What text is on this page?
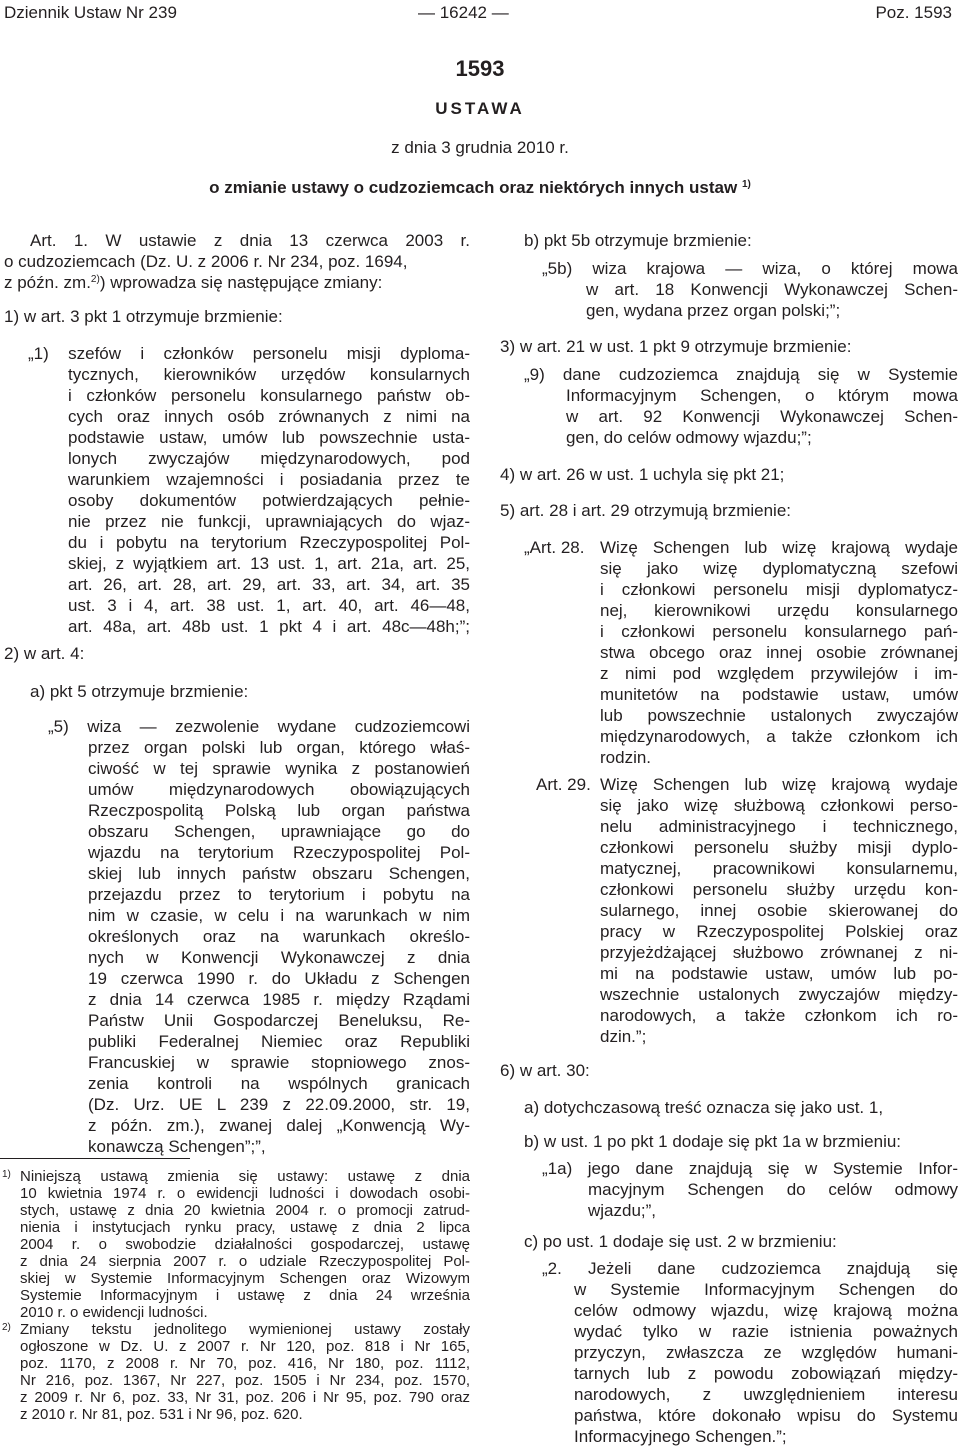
Dziennik Ustaw Nr 239	— 16242 —	Poz. 1593
1593
USTAWA
z dnia 3 grudnia 2010 r.
o zmianie ustawy o cudzoziemcach oraz niektórych innych ustaw $^{1)}$
Art. 1. W ustawie z dnia 13 czerwca 2003 r.
o cudzoziemcach (Dz. U. z 2006 r. Nr 234, poz. 1694,
z późn. zm.$^{2)}$) wprowadza się następujące zmiany:
1) w art. 3 pkt 1 otrzymuje brzmienie:
„1) szefów i członków personelu misji dyploma-
tycznych, kierowników urzędów konsularnych
i członków personelu konsularnego państw ob-
cych oraz innych osób zrównanych z nimi na
podstawie ustaw, umów lub powszechnie usta-
lonych zwyczajów międzynarodowych, pod
warunkiem wzajemności i posiadania przez te
osoby dokumentów potwierdzających pełnie-
nie przez nie funkcji, uprawniających do wjaz-
du i pobytu na terytorium Rzeczypospolitej Pol-
skiej, z wyjątkiem art. 13 ust. 1, art. 21a, art. 25,
art. 26, art. 28, art. 29, art. 33, art. 34, art. 35
ust. 3 i 4, art. 38 ust. 1, art. 40, art. 46—48,
art. 48a, art. 48b ust. 1 pkt 4 i art. 48c—48h;”;
2) w art. 4:
a) pkt 5 otrzymuje brzmienie:
„5) wiza — zezwolenie wydane cudzoziemcowi
przez organ polski lub organ, którego właś-
ciwość w tej sprawie wynika z postanowień
umów międzynarodowych obowiązujących
Rzeczpospolitą Polską lub organ państwa
obszaru Schengen, uprawniające go do
wjazdu na terytorium Rzeczypospolitej Pol-
skiej lub innych państw obszaru Schengen,
przejazdu przez to terytorium i pobytu na
nim w czasie, w celu i na warunkach w nim
określonych oraz na warunkach określo-
nych w Konwencji Wykonawczej z dnia
19 czerwca 1990 r. do Układu z Schengen
z dnia 14 czerwca 1985 r. między Rządami
Państw Unii Gospodarczej Beneluksu, Re-
publiki Federalnej Niemiec oraz Republiki
Francuskiej w sprawie stopniowego znos-
zenia kontroli na wspólnych granicach
(Dz. Urz. UE L 239 z 22.09.2000, str. 19,
z późn. zm.), zwanej dalej „Konwencją Wy-
konawczą Schengen”;”,
1) Niniejszą ustawą zmienia się ustawy: ustawę z dnia
10 kwietnia 1974 r. o ewidencji ludności i dowodach osobi-
stych, ustawę z dnia 20 kwietnia 2004 r. o promocji zatrud-
nienia i instytucjach rynku pracy, ustawę z dnia 2 lipca
2004 r. o swobodzie działalności gospodarczej, ustawę
z dnia 24 sierpnia 2007 r. o udziale Rzeczypospolitej Pol-
skiej w Systemie Informacyjnym Schengen oraz Wizowym
Systemie Informacyjnym i ustawę z dnia 24 września
2010 r. o ewidencji ludności.
2) Zmiany tekstu jednolitego wymienionej ustawy zostały
ogłoszone w Dz. U. z 2007 r. Nr 120, poz. 818 i Nr 165,
poz. 1170, z 2008 r. Nr 70, poz. 416, Nr 180, poz. 1112,
Nr 216, poz. 1367, Nr 227, poz. 1505 i Nr 234, poz. 1570,
z 2009 r. Nr 6, poz. 33, Nr 31, poz. 206 i Nr 95, poz. 790 oraz
z 2010 r. Nr 81, poz. 531 i Nr 96, poz. 620.
b) pkt 5b otrzymuje brzmienie:
„5b) wiza krajowa — wiza, o której mowa
w art. 18 Konwencji Wykonawczej Schen-
gen, wydana przez organ polski;”;
3) w art. 21 w ust. 1 pkt 9 otrzymuje brzmienie:
„9) dane cudzoziemca znajdują się w Systemie
Informacyjnym Schengen, o którym mowa
w art. 92 Konwencji Wykonawczej Schen-
gen, do celów odmowy wjazdu;”;
4) w art. 26 w ust. 1 uchyla się pkt 21;
5) art. 28 i art. 29 otrzymują brzmienie:
„Art. 28. Wizę Schengen lub wizę krajową wydaje
się jako wizę dyplomatyczną szefowi
i członkowi personelu misji dyplomatycz-
nej, kierownikowi urzędu konsularnego
i członkowi personelu konsularnego pań-
stwa obcego oraz innej osobie zrównanej
z nimi pod względem przywilejów i im-
munitetów na podstawie ustaw, umów
lub powszechnie ustalonych zwyczajów
międzynarodowych, a także członkom ich
rodzin.
Art. 29. Wizę Schengen lub wizę krajową wydaje
się jako wizę służbową członkowi perso-
nelu administracyjnego i technicznego,
członkowi personelu służby misji dyplo-
matycznej, pracownikowi konsularnemu,
członkowi personelu służby urzędu kon-
sularnego, innej osobie skierowanej do
pracy w Rzeczypospolitej Polskiej oraz
przyjeżdżającej służbowo zrównanej z ni-
mi na podstawie ustaw, umów lub po-
wszechnie ustalonych zwyczajów między-
narodowych, a także członkom ich ro-
dzin.”;
6) w art. 30:
a) dotychczasową treść oznacza się jako ust. 1,
b) w ust. 1 po pkt 1 dodaje się pkt 1a w brzmieniu:
„1a) jego dane znajdują się w Systemie Infor-
macyjnym Schengen do celów odmowy
wjazdu;”,
c) po ust. 1 dodaje się ust. 2 w brzmieniu:
„2. Jeżeli dane cudzoziemca znajdują się
w Systemie Informacyjnym Schengen do
celów odmowy wjazdu, wizę krajową można
wydać tylko w razie istnienia poważnych
przyczyn, zwłaszcza ze względów humani-
tarnych lub z powodu zobowiązań między-
narodowych, z uwzględnieniem interesu
państwa, które dokonało wpisu do Systemu
Informacyjnego Schengen.”;
